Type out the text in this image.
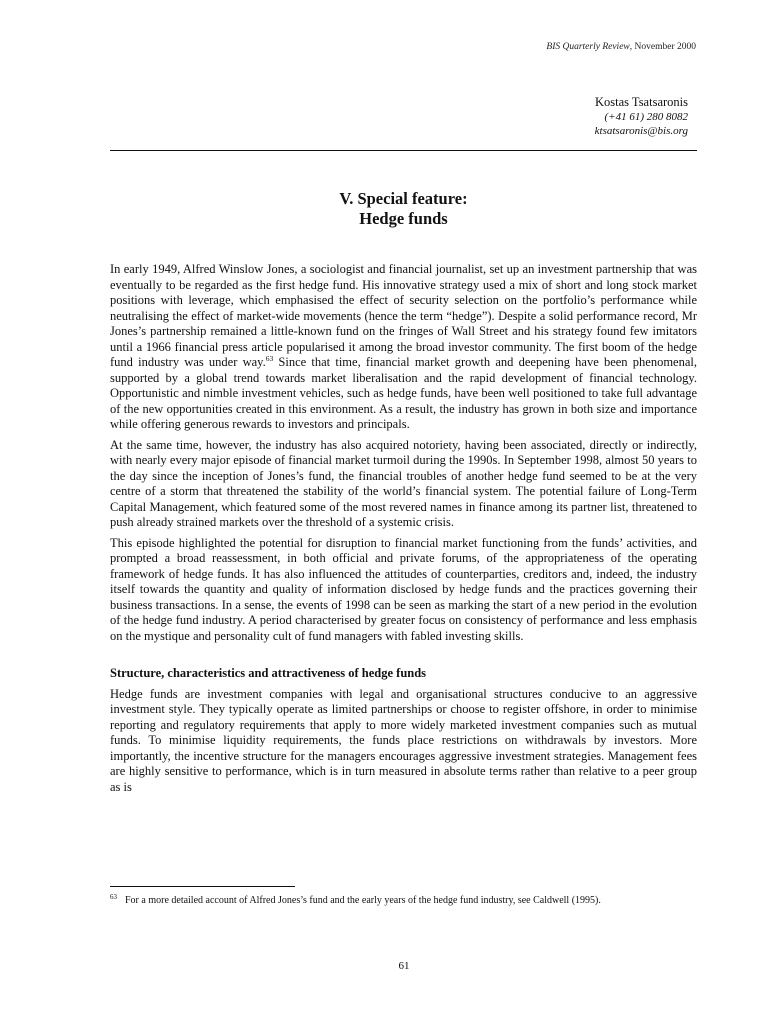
BIS Quarterly Review, November 2000
Kostas Tsatsaronis
(+41 61) 280 8082
ktsatsaronis@bis.org
V. Special feature:
Hedge funds

In early 1949, Alfred Winslow Jones, a sociologist and financial journalist, set up an investment partnership that was eventually to be regarded as the first hedge fund. His innovative strategy used a mix of short and long stock market positions with leverage, which emphasised the effect of security selection on the portfolio’s performance while neutralising the effect of market-wide movements (hence the term “hedge”). Despite a solid performance record, Mr Jones’s partnership remained a little-known fund on the fringes of Wall Street and his strategy found few imitators until a 1966 financial press article popularised it among the broad investor community. The first boom of the hedge fund industry was under way.$^{63}$ Since that time, financial market growth and deepening have been phenomenal, supported by a global trend towards market liberalisation and the rapid development of financial technology. Opportunistic and nimble investment vehicles, such as hedge funds, have been well positioned to take full advantage of the new opportunities created in this environment. As a result, the industry has grown in both size and importance while offering generous rewards to investors and principals.

At the same time, however, the industry has also acquired notoriety, having been associated, directly or indirectly, with nearly every major episode of financial market turmoil during the 1990s. In September 1998, almost 50 years to the day since the inception of Jones’s fund, the financial troubles of another hedge fund seemed to be at the very centre of a storm that threatened the stability of the world’s financial system. The potential failure of Long-Term Capital Management, which featured some of the most revered names in finance among its partner list, threatened to push already strained markets over the threshold of a systemic crisis.

This episode highlighted the potential for disruption to financial market functioning from the funds’ activities, and prompted a broad reassessment, in both official and private forums, of the appropriateness of the operating framework of hedge funds. It has also influenced the attitudes of counterparties, creditors and, indeed, the industry itself towards the quantity and quality of information disclosed by hedge funds and the practices governing their business transactions. In a sense, the events of 1998 can be seen as marking the start of a new period in the evolution of the hedge fund industry. A period characterised by greater focus on consistency of performance and less emphasis on the mystique and personality cult of fund managers with fabled investing skills.

Structure, characteristics and attractiveness of hedge funds

Hedge funds are investment companies with legal and organisational structures conducive to an aggressive investment style. They typically operate as limited partnerships or choose to register offshore, in order to minimise reporting and regulatory requirements that apply to more widely marketed investment companies such as mutual funds. To minimise liquidity requirements, the funds place restrictions on withdrawals by investors. More importantly, the incentive structure for the managers encourages aggressive investment strategies. Management fees are highly sensitive to performance, which is in turn measured in absolute terms rather than relative to a peer group as is

$^{63}$ For a more detailed account of Alfred Jones’s fund and the early years of the hedge fund industry, see Caldwell (1995).
61
